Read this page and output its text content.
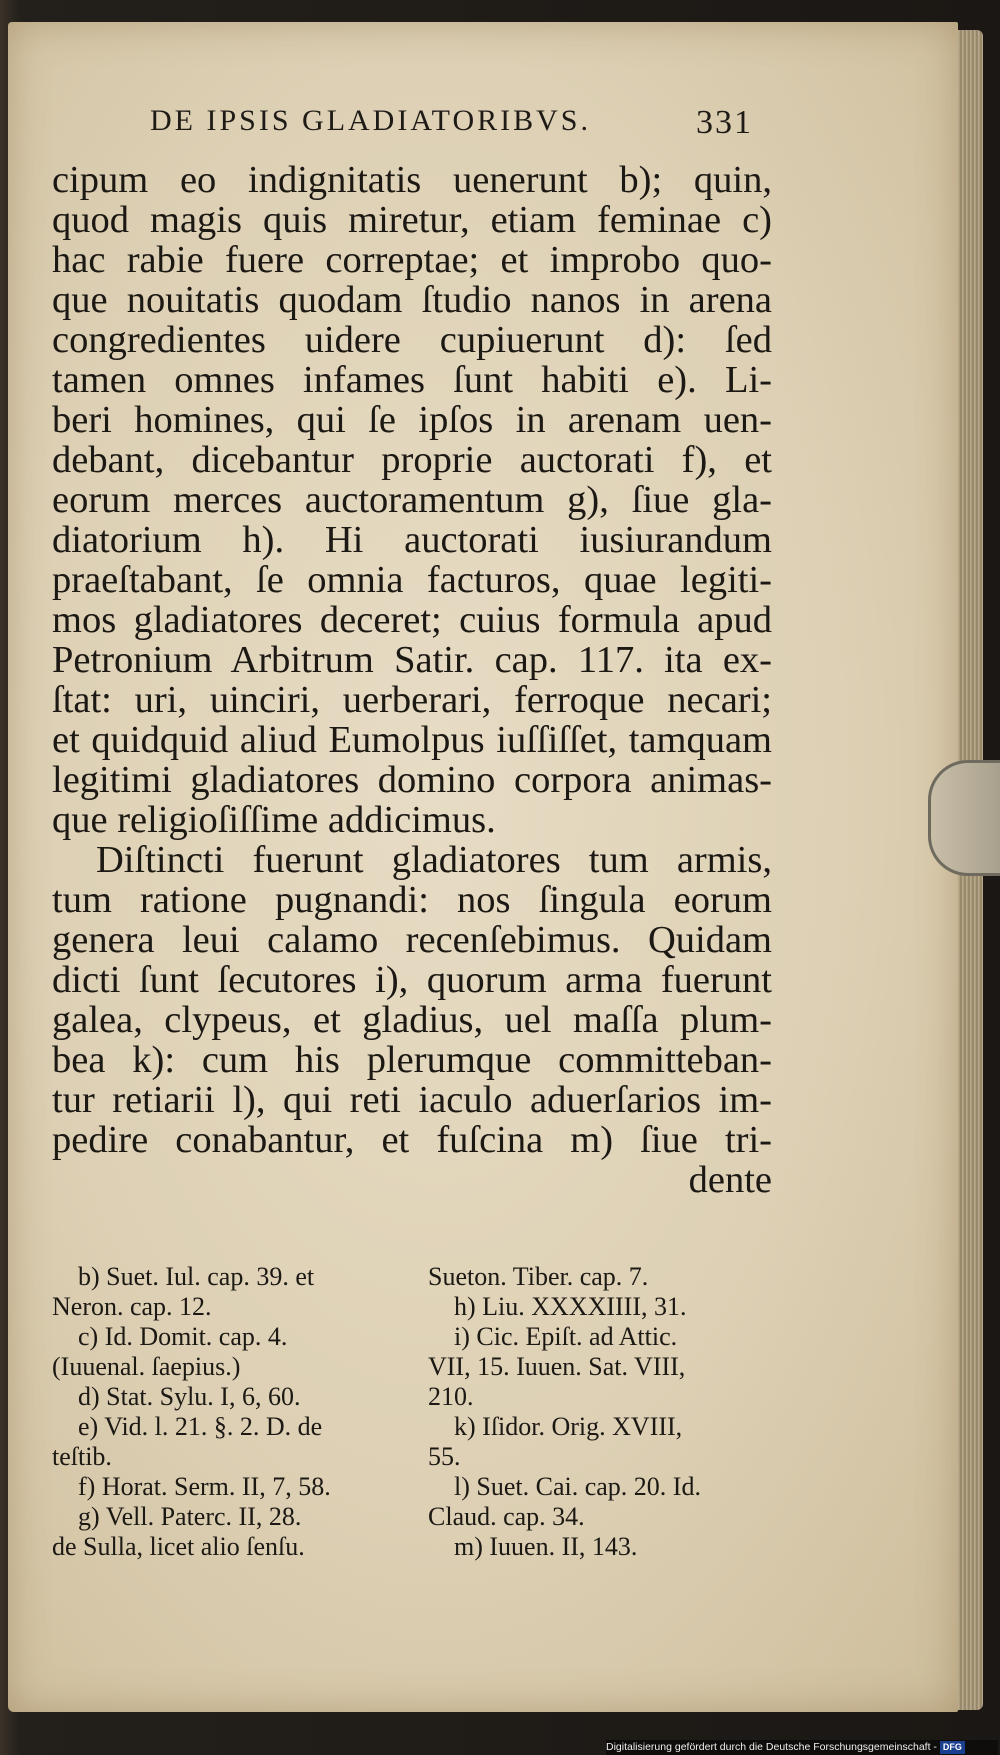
DE IPSIS GLADIATORIBVS.	331
cipum eo indignitatis uenerunt b); quin,
quod magis quis miretur, etiam feminae c)
hac rabie fuere correptae; et improbo quo-
que nouitatis quodam ſtudio nanos in arena
congredientes uidere cupiuerunt d): ſed
tamen omnes infames ſunt habiti e). Li-
beri homines, qui ſe ipſos in arenam uen-
debant, dicebantur proprie auctorati f), et
eorum merces auctoramentum g), ſiue gla-
diatorium h). Hi auctorati iusiurandum
praeſtabant, ſe omnia facturos, quae legiti-
mos gladiatores deceret; cuius formula apud
Petronium Arbitrum Satir. cap. 117. ita ex-
ſtat: uri, uinciri, uerberari, ferroque necari;
et quidquid aliud Eumolpus iuſſiſſet, tamquam
legitimi gladiatores domino corpora animas-
que religioſiſſime addicimus.
Diſtincti fuerunt gladiatores tum armis,
tum ratione pugnandi: nos ſingula eorum
genera leui calamo recenſebimus. Quidam
dicti ſunt ſecutores i), quorum arma fuerunt
galea, clypeus, et gladius, uel maſſa plum-
bea k): cum his plerumque committeban-
tur retiarii l), qui reti iaculo aduerſarios im-
pedire conabantur, et fuſcina m) ſiue tri-
dente
b) Suet. Iul. cap. 39. et
Neron. cap. 12.
c) Id. Domit. cap. 4.
(Iuuenal. ſaepius.)
d) Stat. Sylu. I, 6, 60.
e) Vid. l. 21. §. 2. D. de
teſtib.
f) Horat. Serm. II, 7, 58.
g) Vell. Paterc. II, 28.
de Sulla, licet alio ſenſu.
Sueton. Tiber. cap. 7.
h) Liu. XXXXIIII, 31.
i) Cic. Epiſt. ad Attic.
VII, 15. Iuuen. Sat. VIII,
210.
k) Iſidor. Orig. XVIII,
55.
l) Suet. Cai. cap. 20. Id.
Claud. cap. 34.
m) Iuuen. II, 143.
Digitalisierung gefördert durch die Deutsche Forschungsgemeinschaft - DFG
